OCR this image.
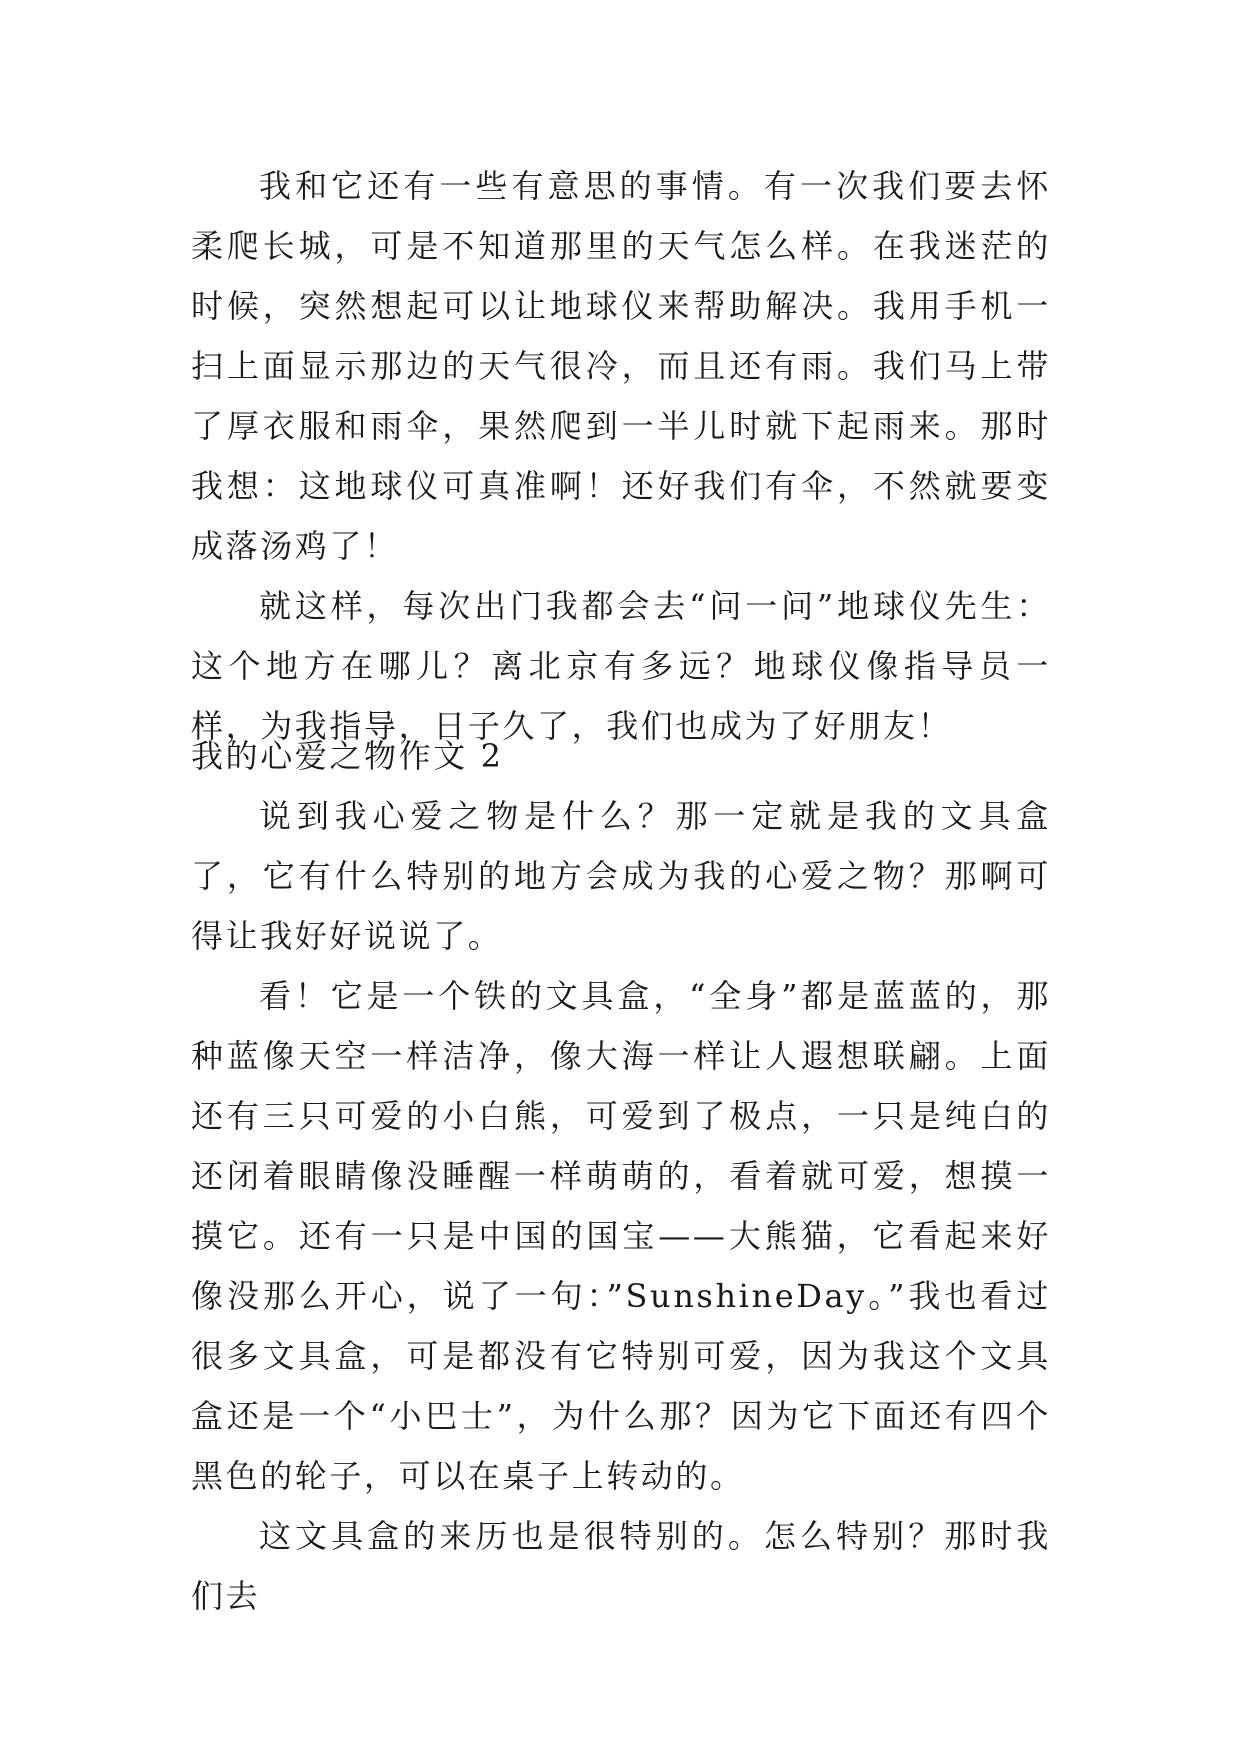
我和它还有一些有意思的事情。有一次我们要去怀柔爬长城，可是不知道那里的天气怎么样。在我迷茫的时候，突然想起可以让地球仪来帮助解决。我用手机一扫上面显示那边的天气很冷，而且还有雨。我们马上带了厚衣服和雨伞，果然爬到一半儿时就下起雨来。那时我想：这地球仪可真准啊！还好我们有伞，不然就要变成落汤鸡了！

就这样，每次出门我都会去“问一问”地球仪先生：这个地方在哪儿？离北京有多远？地球仪像指导员一样，为我指导，日子久了，我们也成为了好朋友！

我的心爱之物作文 2

说到我心爱之物是什么？那一定就是我的文具盒了，它有什么特别的地方会成为我的心爱之物？那啊可得让我好好说说了。

看！它是一个铁的文具盒，“全身”都是蓝蓝的，那种蓝像天空一样洁净，像大海一样让人遐想联翩。上面还有三只可爱的小白熊，可爱到了极点，一只是纯白的还闭着眼睛像没睡醒一样萌萌的，看着就可爱，想摸一摸它。还有一只是中国的国宝——大熊猫，它看起来好像没那么开心，说了一句：”SunshineDay。”我也看过很多文具盒，可是都没有它特别可爱，因为我这个文具盒还是一个“小巴士”，为什么那？因为它下面还有四个黑色的轮子，可以在桌子上转动的。

这文具盒的来历也是很特别的。怎么特别？那时我们去
